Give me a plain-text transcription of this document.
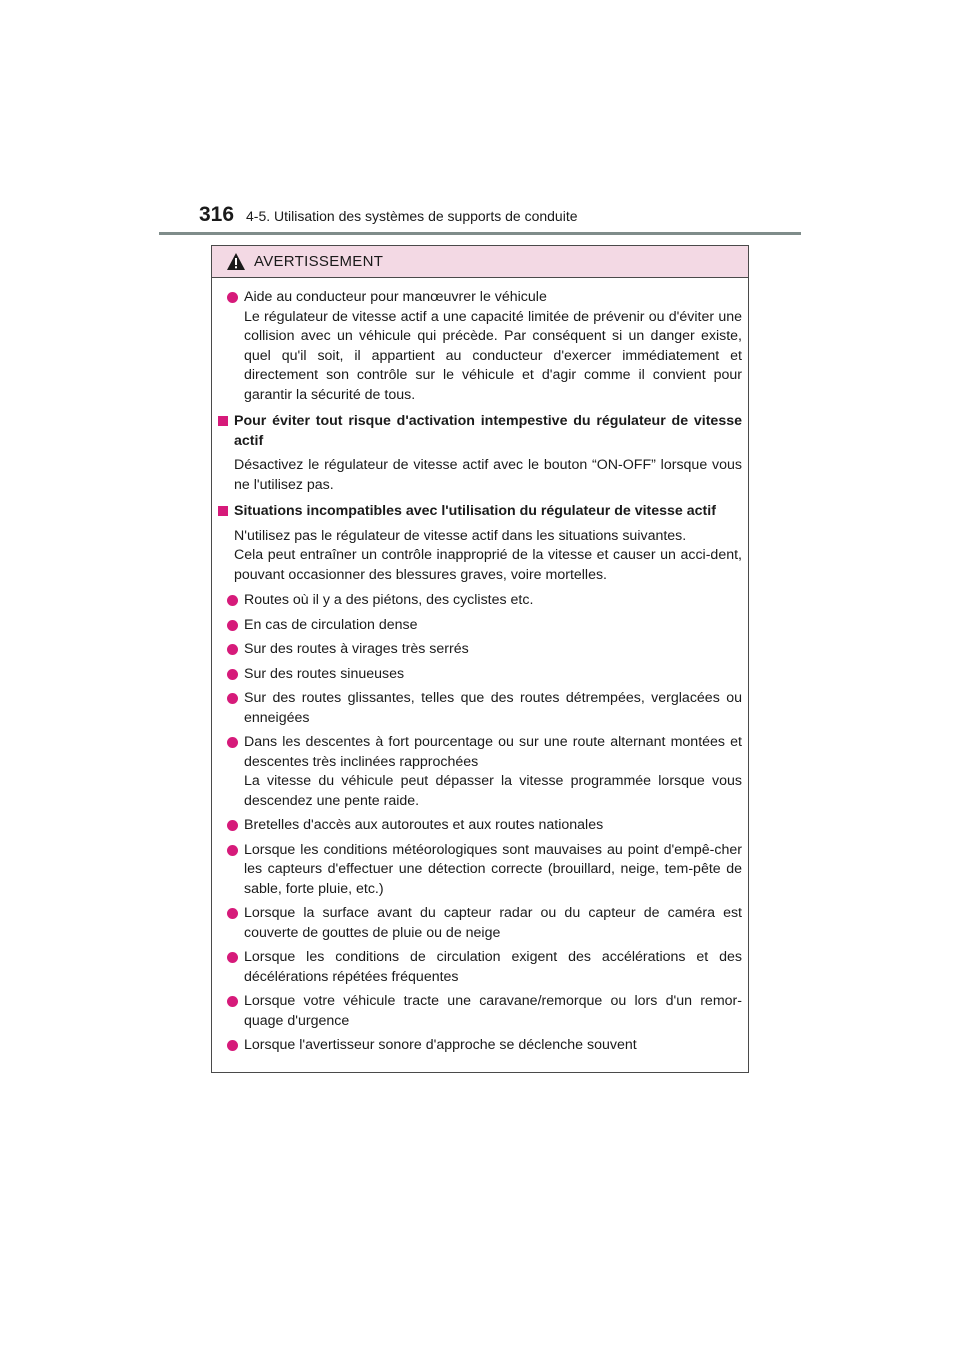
316 4-5. Utilisation des systèmes de supports de conduite
AVERTISSEMENT
Aide au conducteur pour manœuvrer le véhicule
Le régulateur de vitesse actif a une capacité limitée de prévenir ou d'éviter une collision avec un véhicule qui précède. Par conséquent si un danger existe, quel qu'il soit, il appartient au conducteur d'exercer immédiatement et directement son contrôle sur le véhicule et d'agir comme il convient pour garantir la sécurité de tous.
Pour éviter tout risque d'activation intempestive du régulateur de vitesse actif
Désactivez le régulateur de vitesse actif avec le bouton “ON-OFF” lorsque vous ne l'utilisez pas.
Situations incompatibles avec l'utilisation du régulateur de vitesse actif
N'utilisez pas le régulateur de vitesse actif dans les situations suivantes.
Cela peut entraîner un contrôle inapproprié de la vitesse et causer un acci-dent, pouvant occasionner des blessures graves, voire mortelles.
Routes où il y a des piétons, des cyclistes etc.
En cas de circulation dense
Sur des routes à virages très serrés
Sur des routes sinueuses
Sur des routes glissantes, telles que des routes détrempées, verglacées ou enneigées
Dans les descentes à fort pourcentage ou sur une route alternant montées et descentes très inclinées rapprochées
La vitesse du véhicule peut dépasser la vitesse programmée lorsque vous descendez une pente raide.
Bretelles d'accès aux autoroutes et aux routes nationales
Lorsque les conditions météorologiques sont mauvaises au point d'empê-cher les capteurs d'effectuer une détection correcte (brouillard, neige, tem-pête de sable, forte pluie, etc.)
Lorsque la surface avant du capteur radar ou du capteur de caméra est couverte de gouttes de pluie ou de neige
Lorsque les conditions de circulation exigent des accélérations et des décélérations répétées fréquentes
Lorsque votre véhicule tracte une caravane/remorque ou lors d'un remor-quage d'urgence
Lorsque l'avertisseur sonore d'approche se déclenche souvent
